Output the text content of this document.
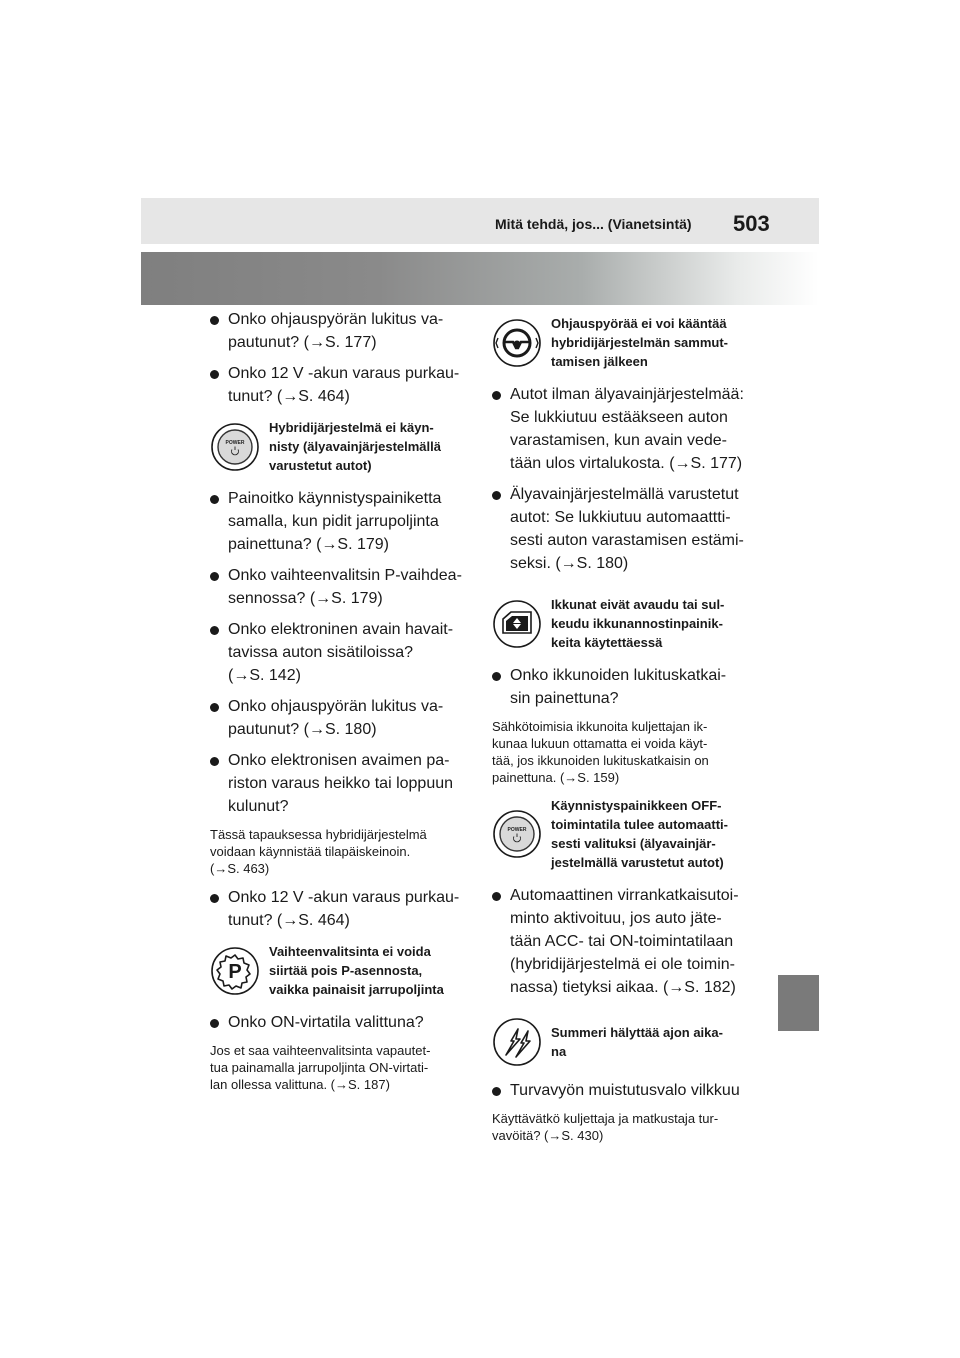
Mitä tehdä, jos... (Vianetsintä) 503
Onko ohjauspyörän lukitus va-
pautunut? (→S. 177)
Onko 12 V -akun varaus purkau-
tunut? (→S. 464)
POWER
Hybridijärjestelmä ei käyn-
nisty (älyavainjärjestelmällä
varustetut autot)
Painoitko käynnistyspainiketta
samalla, kun pidit jarrupoljinta
painettuna? (→S. 179)
Onko vaihteenvalitsin P-vaihdea-
sennossa? (→S. 179)
Onko elektroninen avain havait-
tavissa auton sisätiloissa?
(→S. 142)
Onko ohjauspyörän lukitus va-
pautunut? (→S. 180)
Onko elektronisen avaimen pa-
riston varaus heikko tai loppuun
kulunut?
Tässä tapauksessa hybridijärjestelmä
voidaan käynnistää tilapäiskeinoin.
(→S. 463)
Onko 12 V -akun varaus purkau-
tunut? (→S. 464)
P
Vaihteenvalitsinta ei voida
siirtää pois P-asennosta,
vaikka painaisit jarrupoljinta
Onko ON-virtatila valittuna?
Jos et saa vaihteenvalitsinta vapautet-
tua painamalla jarrupoljinta ON-virtati-
lan ollessa valittuna. (→S. 187)
Ohjauspyörää ei voi kääntää
hybridijärjestelmän sammut-
tamisen jälkeen
Autot ilman älyavainjärjestelmää:
Se lukkiutuu estääkseen auton
varastamisen, kun avain vede-
tään ulos virtalukosta. (→S. 177)
Älyavainjärjestelmällä varustetut
autot: Se lukkiutuu automaattti-
sesti auton varastamisen estämi-
seksi. (→S. 180)
Ikkunat eivät avaudu tai sul-
keudu ikkunannostinpainik-
keita käytettäessä
Onko ikkunoiden lukituskatkai-
sin painettuna?
Sähkötoimisia ikkunoita kuljettajan ik-
kunaa lukuun ottamatta ei voida käyt-
tää, jos ikkunoiden lukituskatkaisin on
painettuna. (→S. 159)
POWER
Käynnistyspainikkeen OFF-
toimintatila tulee automaatti-
sesti valituksi (älyavainjär-
jestelmällä varustetut autot)
Automaattinen virrankatkaisutoi-
minto aktivoituu, jos auto jäte-
tään ACC- tai ON-toimintatilaan
(hybridijärjestelmä ei ole toimin-
nassa) tietyksi aikaa. (→S. 182)
Summeri hälyttää ajon aika-
na
Turvavyön muistutusvalo vilkkuu
Käyttävätkö kuljettaja ja matkustaja tur-
vavöitä? (→S. 430)
